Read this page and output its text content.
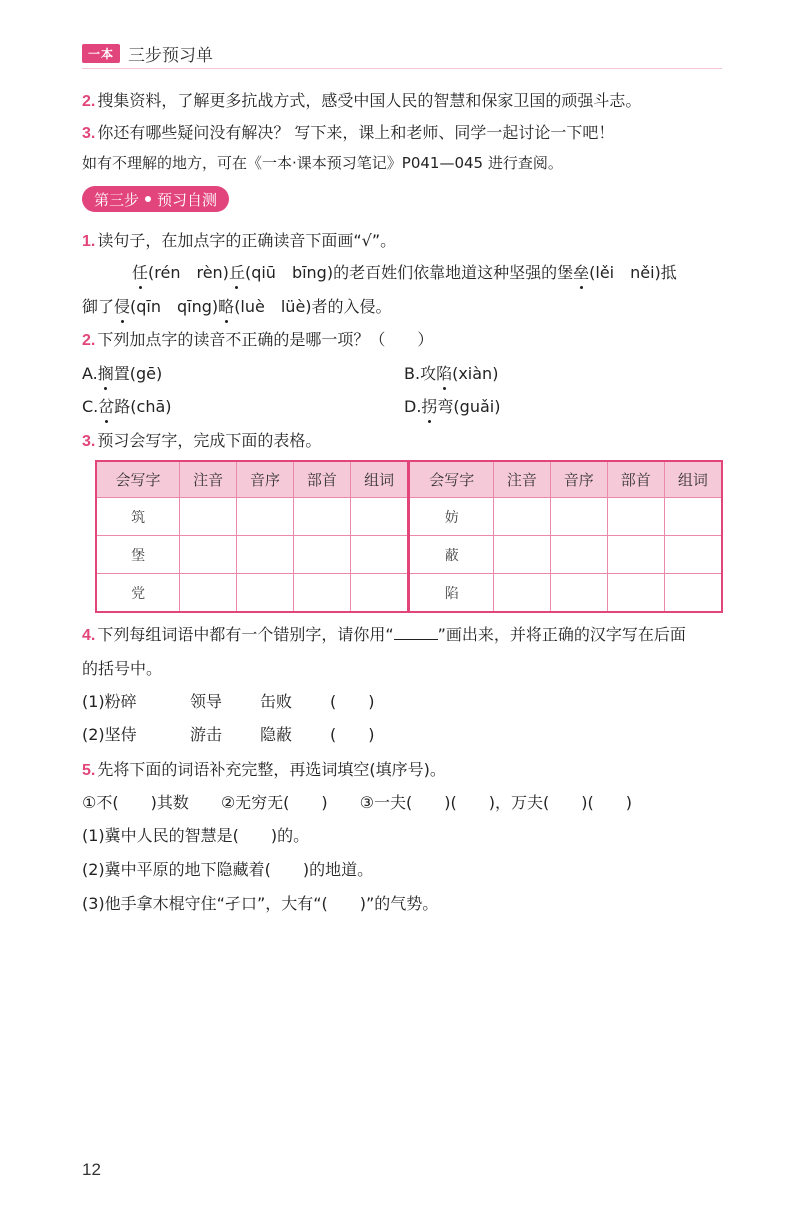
一本 三步预习单
2. 搜集资料，了解更多抗战方式，感受中国人民的智慧和保家卫国的顽强斗志。
3. 你还有哪些疑问没有解决？ 写下来，课上和老师、同学一起讨论一下吧！
如有不理解的地方，可在《一本·课本预习笔记》P041—045 进行查阅。
第三步 预习自测
1. 读句子，在加点字的正确读音下面画“√”。
任(rén　rèn)丘(qiū　bīng)的老百姓们依靠地道这种坚强的堡垒(lěi　něi)抵
御了侵(qīn　qīng)略(luè　lüè)者的入侵。
2. 下列加点字的读音不正确的是哪一项？（　　）
A.搁置(gē)	B.攻陷(xiàn)
C.岔路(chā)	D.拐弯(guǎi)
3. 预习会写字，完成下面的表格。
会写字	注音	音序	部首	组词	会写字	注音	音序	部首	组词
筑					妨				
堡					蔽				
党					陷				
4. 下列每组词语中都有一个错别字，请你用“	”画出来，并将正确的汉字写在后面
的括号中。
(1)粉碎	领导 缶败 (　　)
(2)坚侍	游击 隐蔽 (　　)
5. 先将下面的词语补充完整，再选词填空(填序号)。
①不(　　)其数　　②无穷无(　　)　　③一夫(　　)(　　)，万夫(　　)(　　)
(1)冀中人民的智慧是(　　)的。
(2)冀中平原的地下隐藏着(　　)的地道。
(3)他手拿木棍守住“孑口”，大有“(　　)”的气势。
12
